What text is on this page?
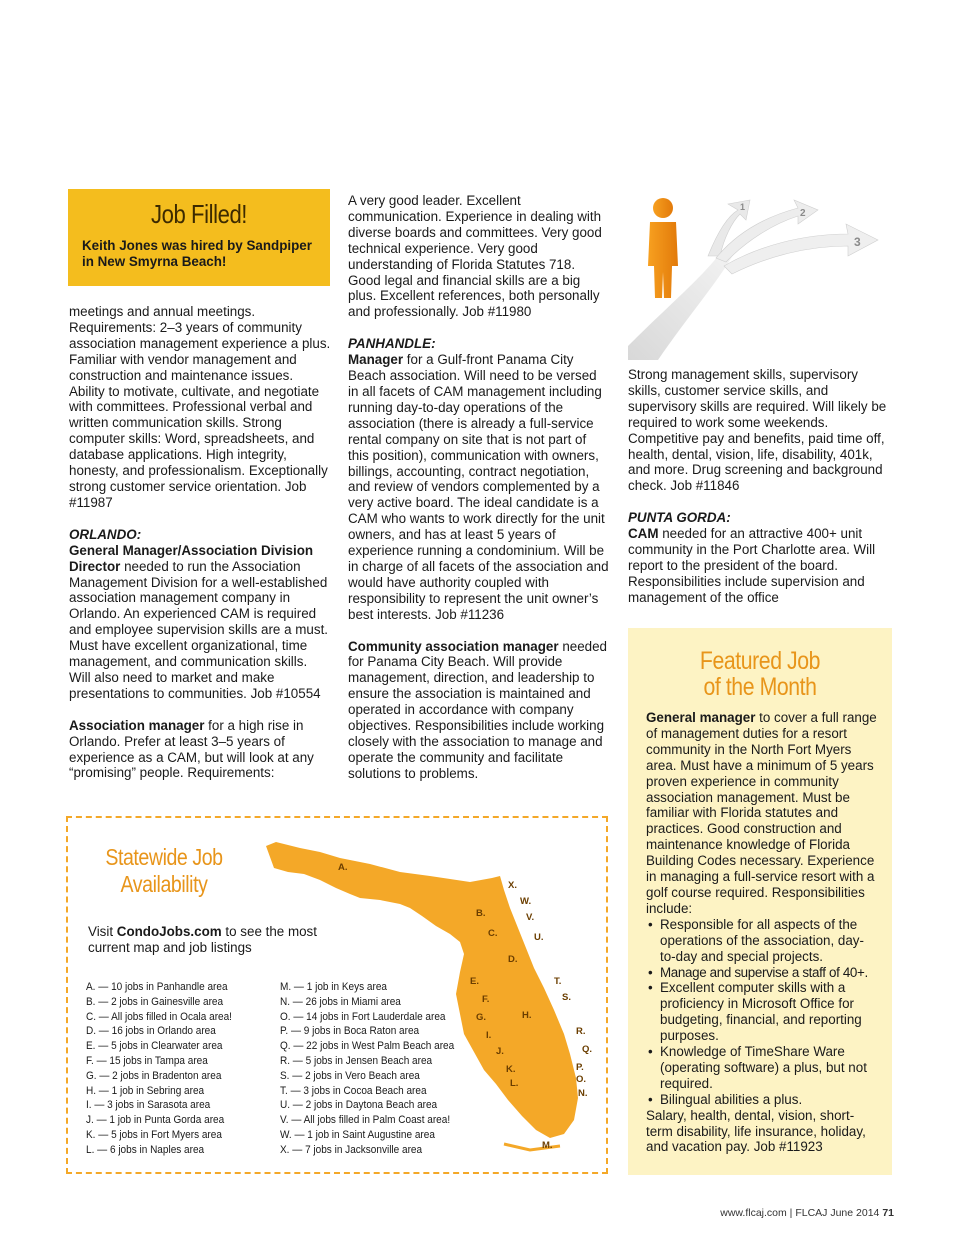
Job Filled!
Keith Jones was hired by Sandpiper in New Smyrna Beach!

meetings and annual meetings. Requirements: 2–3 years of community association management experience a plus. Familiar with vendor management and construction and maintenance issues. Ability to motivate, cultivate, and negotiate with committees. Professional verbal and written communication skills. Strong computer skills: Word, spreadsheets, and database applications. High integrity, honesty, and professionalism. Exceptionally strong customer service orientation. Job #11987

ORLANDO:

General Manager/Association Division Director needed to run the Association Management Division for a well-established association management company in Orlando. An experienced CAM is required and employee supervision skills are a must. Must have excellent organizational, time management, and communication skills. Will also need to market and make presentations to communities. Job #10554

Association manager for a high rise in Orlando. Prefer at least 3–5 years of experience as a CAM, but will look at any “promising” people. Requirements:

A very good leader. Excellent communication. Experience in dealing with diverse boards and committees. Very good technical experience. Very good understanding of Florida Statutes 718. Good legal and financial skills are a big plus. Excellent references, both personally and professionally. Job #11980

PANHANDLE:

Manager for a Gulf-front Panama City Beach association. Will need to be versed in all facets of CAM management including running day-to-day operations of the association (there is already a full-service rental company on site that is not part of this position), communication with owners, billings, accounting, contract negotiation, and review of vendors complemented by a very active board. The ideal candidate is a CAM who wants to work directly for the unit owners, and has at least 5 years of experience running a condominium. Will be in charge of all facets of the association and would have authority coupled with responsibility to represent the unit owner’s best interests. Job #11236

Community association manager needed for Panama City Beach. Will provide management, direction, and leadership to ensure the association is maintained and operated in accordance with company objectives. Responsibilities include working closely with the association to manage and operate the community and facilitate solutions to problems.

1
2
3

Strong management skills, supervisory skills, customer service skills, and supervisory skills are required. Will likely be required to work some weekends. Competitive pay and benefits, paid time off, health, dental, vision, life, disability, 401k, and more. Drug screening and background check. Job #11846

PUNTA GORDA:

CAM needed for an attractive 400+ unit community in the Port Charlotte area. Will report to the president of the board. Responsibilities include supervision and management of the office

Featured Job
of the Month

General manager to cover a full range of management duties for a resort community in the North Fort Myers area. Must have a minimum of 5 years proven experience in community association management. Must be familiar with Florida statutes and practices. Good construction and maintenance knowledge of Florida Building Codes necessary. Experience in managing a full-service resort with a golf course required. Responsibilities include:

• Responsible for all aspects of the operations of the association, day-to-day and special projects.
• Manage and supervise a staff of 40+.
• Excellent computer skills with a proficiency in Microsoft Office for budgeting, financial, and reporting purposes.
• Knowledge of TimeShare Ware (operating software) a plus, but not required.
• Bilingual abilities a plus.

Salary, health, dental, vision, short-term disability, life insurance, holiday, and vacation pay. Job #11923

Statewide Job
Availability
Visit CondoJobs.com to see the most current map and job listings
A. — 10 jobs in Panhandle area
B. — 2 jobs in Gainesville area
C. — All jobs filled in Ocala area!
D. — 16 jobs in Orlando area
E. — 5 jobs in Clearwater area
F. — 15 jobs in Tampa area
G. — 2 jobs in Bradenton area
H. — 1 job in Sebring area
I. — 3 jobs in Sarasota area
J. — 1 job in Punta Gorda area
K. — 5 jobs in Fort Myers area
L. — 6 jobs in Naples area
M. — 1 job in Keys area
N. — 26 jobs in Miami area
O. — 14 jobs in Fort Lauderdale area
P. — 9 jobs in Boca Raton area
Q. — 22 jobs in West Palm Beach area
R. — 5 jobs in Jensen Beach area
S. — 2 jobs in Vero Beach area
T. — 3 jobs in Cocoa Beach area
U. — 2 jobs in Daytona Beach area
V. — All jobs filled in Palm Coast area!
W. — 1 job in Saint Augustine area
X. — 7 jobs in Jacksonville area
A.
B.
C.
D.
E.
F.
G.	H.
I.
J.
K.
L.
M.
N.
O.
P.
Q.
R.
S.
T.
U.
V.
W.
X.
www.flcaj.com | FLCAJ June 2014 71
